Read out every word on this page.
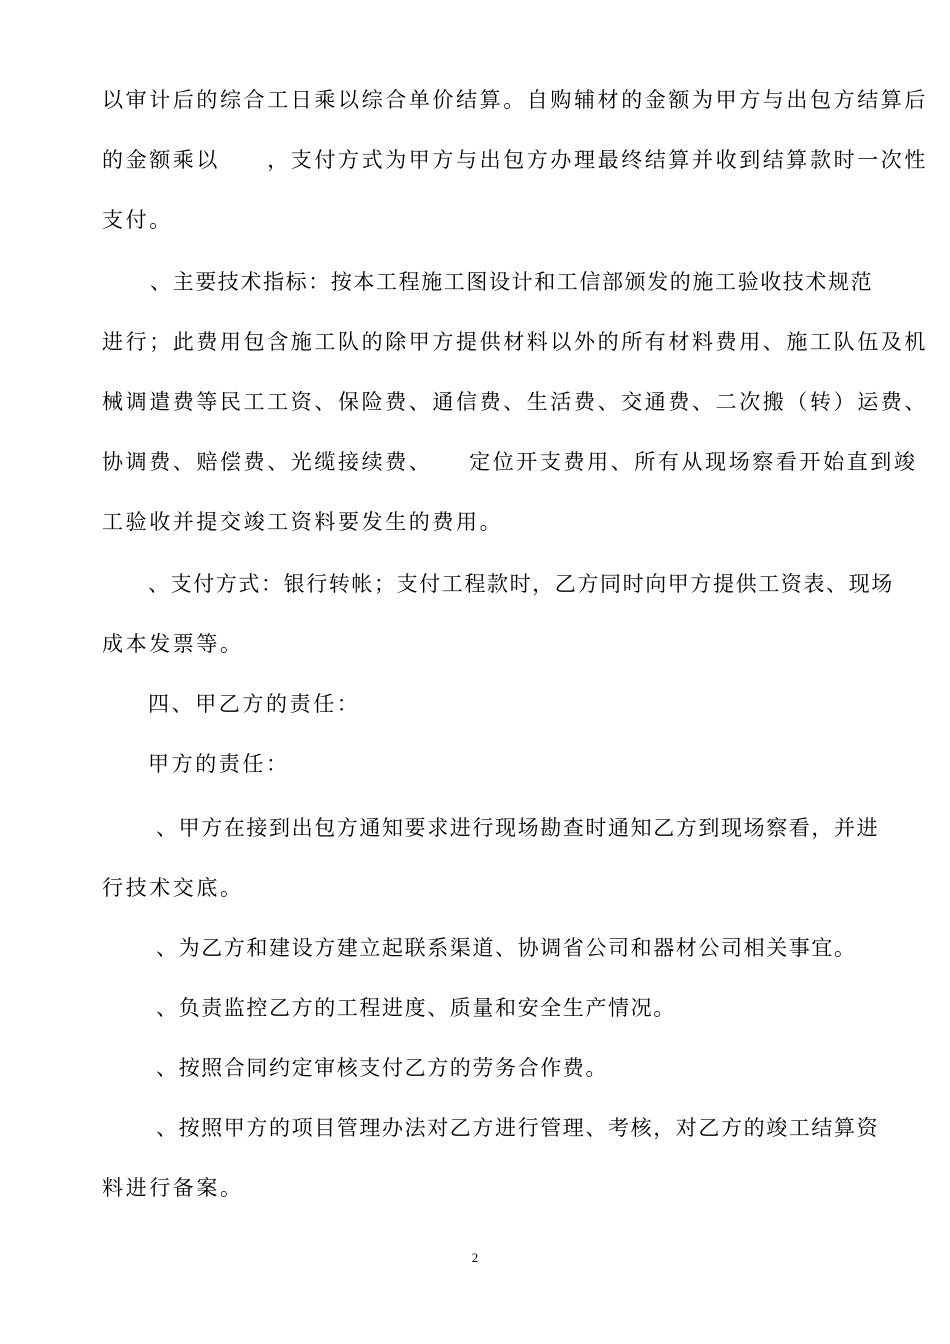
以审计后的综合工日乘以综合单价结算。自购辅材的金额为甲方与出包方结算后
的金额乘以　　，支付方式为甲方与出包方办理最终结算并收到结算款时一次性
支付。
、主要技术指标：按本工程施工图设计和工信部颁发的施工验收技术规范
进行；此费用包含施工队的除甲方提供材料以外的所有材料费用、施工队伍及机
械调遣费等民工工资、保险费、通信费、生活费、交通费、二次搬（转）运费、
协调费、赔偿费、光缆接续费、　　定位开支费用、所有从现场察看开始直到竣
工验收并提交竣工资料要发生的费用。
、支付方式：银行转帐；支付工程款时，乙方同时向甲方提供工资表、现场
成本发票等。
四、甲乙方的责任：
甲方的责任：
、甲方在接到出包方通知要求进行现场勘查时通知乙方到现场察看，并进
行技术交底。
、为乙方和建设方建立起联系渠道、协调省公司和器材公司相关事宜。
、负责监控乙方的工程进度、质量和安全生产情况。
、按照合同约定审核支付乙方的劳务合作费。
、按照甲方的项目管理办法对乙方进行管理、考核，对乙方的竣工结算资
料进行备案。
2
